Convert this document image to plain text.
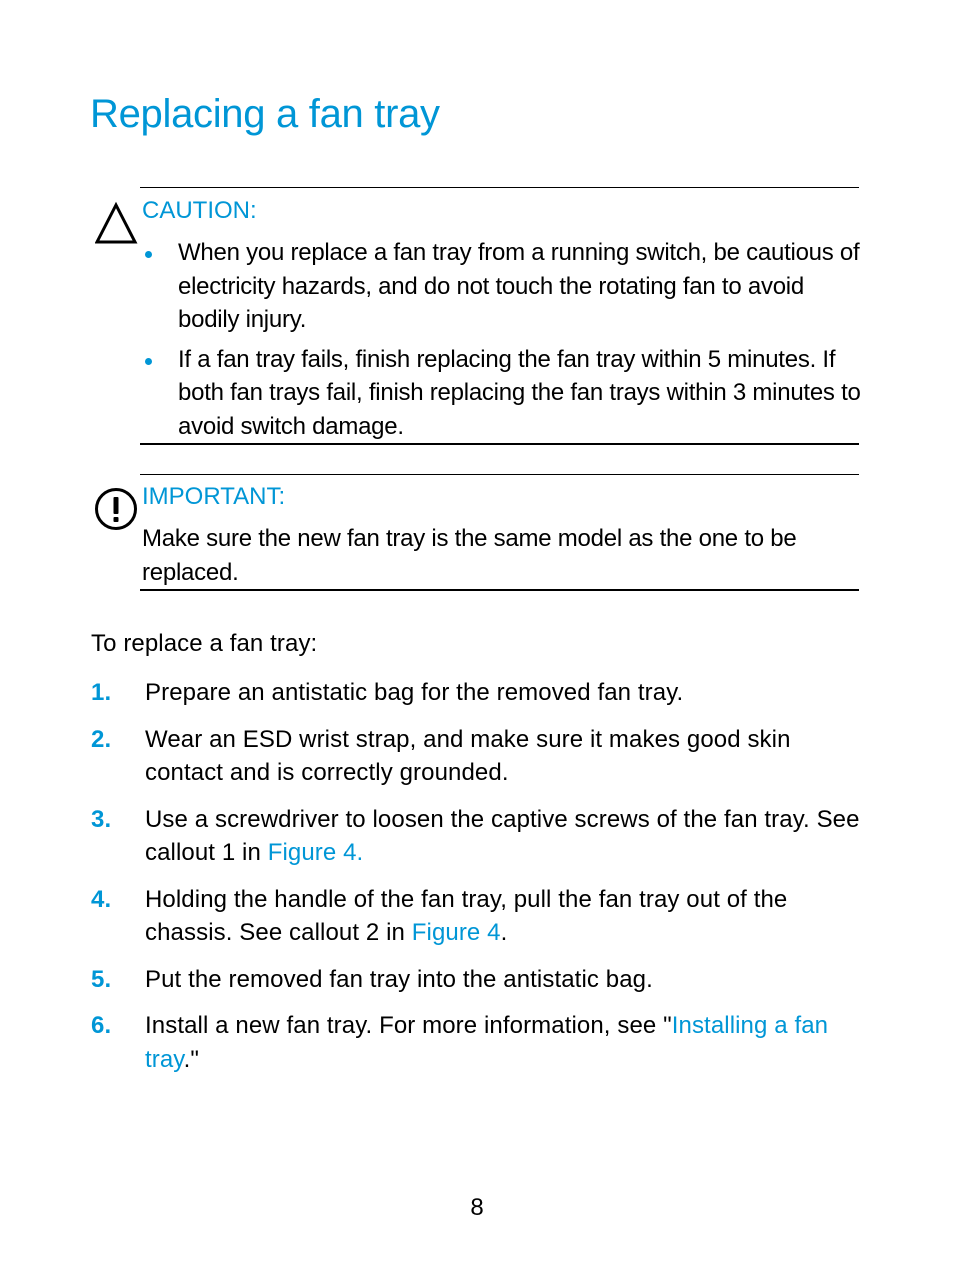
Replacing a fan tray

CAUTION:

When you replace a fan tray from a running switch, be cautious of electricity hazards, and do not touch the rotating fan to avoid bodily injury.
If a fan tray fails, finish replacing the fan tray within 5 minutes. If both fan trays fail, finish replacing the fan trays within 3 minutes to avoid switch damage.

IMPORTANT:

Make sure the new fan tray is the same model as the one to be replaced.

To replace a fan tray:

1. Prepare an antistatic bag for the removed fan tray.
2. Wear an ESD wrist strap, and make sure it makes good skin contact and is correctly grounded.
3. Use a screwdriver to loosen the captive screws of the fan tray. See callout 1 in Figure 4.
4. Holding the handle of the fan tray, pull the fan tray out of the chassis. See callout 2 in Figure 4.
5. Put the removed fan tray into the antistatic bag.
6. Install a new fan tray. For more information, see "Installing a fan tray."

8
